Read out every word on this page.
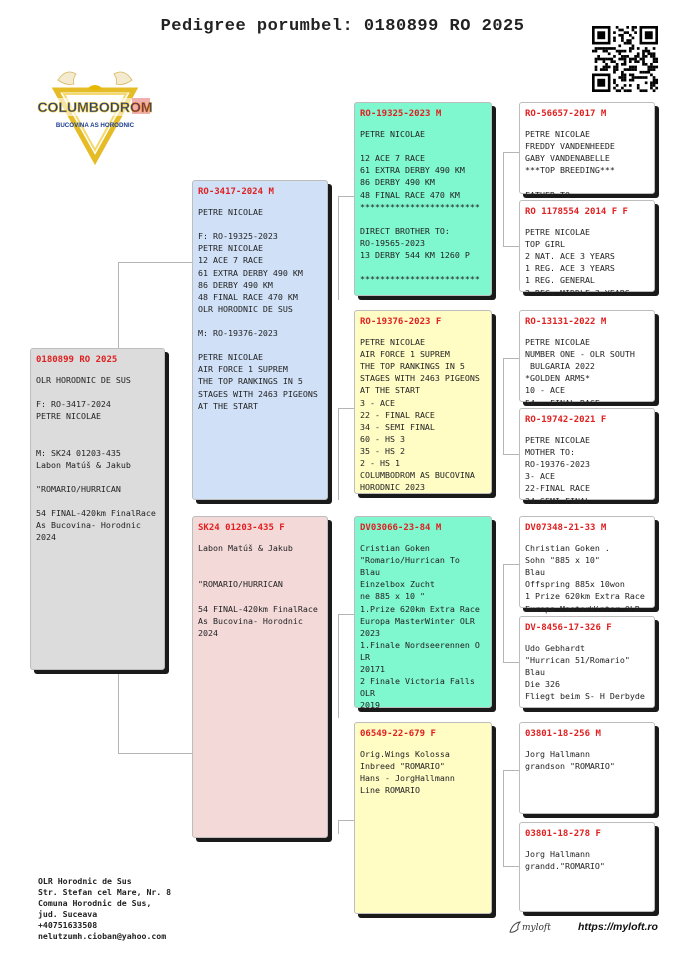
Pedigree porumbel: 0180899 RO 2025
COLUMBODROM
BUCOVINA AS HORODNIC
0180899 RO 2025
OLR HORODNIC DE SUS
F: RO-3417-2024
PETRE NICOLAE
M: SK24 01203-435
Labon Matúš & Jakub
"ROMARIO/HURRICAN
54 FINAL-420km FinalRace
As Bucovina- Horodnic
2024
RO-3417-2024 M
PETRE NICOLAE
F: RO-19325-2023
PETRE NICOLAE
12 ACE 7 RACE
61 EXTRA DERBY 490 KM
86 DERBY 490 KM
48 FINAL RACE 470 KM
OLR HORODNIC DE SUS
M: RO-19376-2023
PETRE NICOLAE
AIR FORCE 1 SUPREM
THE TOP RANKINGS IN 5
STAGES WITH 2463 PIGEONS
AT THE START
SK24 01203-435 F
Labon Matúš & Jakub
"ROMARIO/HURRICAN
54 FINAL-420km FinalRace
As Bucovina- Horodnic
2024
RO-19325-2023 M
PETRE NICOLAE
12 ACE 7 RACE
61 EXTRA DERBY 490 KM
86 DERBY 490 KM
48 FINAL RACE 470 KM
************************
DIRECT BROTHER TO:
RO-19565-2023
13 DERBY 544 KM 1260 P
************************
RO-19376-2023 F
PETRE NICOLAE
AIR FORCE 1 SUPREM
THE TOP RANKINGS IN 5
STAGES WITH 2463 PIGEONS
AT THE START
3 - ACE
22 - FINAL RACE
34 - SEMI FINAL
60 - HS 3
35 - HS 2
2 - HS 1
COLUMBODROM AS BUCOVINA
HORODNIC 2023
DV03066-23-84 M
Cristian Goken
"Romario/Hurrican To
Blau
Einzelbox Zucht
ne 885 x 10 "
1.Prize 620km Extra Race
Europa MasterWinter OLR
2023
1.Finale Nordseerennen O
LR
20171
2 Finale Victoria Falls
OLR
2019
06549-22-679 F
Orig.Wings Kolossa
Inbreed "ROMARIO"
Hans - JorgHallmann
Line ROMARIO
RO-56657-2017 M
PETRE NICOLAE
FREDDY VANDENHEEDE
GABY VANDENABELLE
***TOP BREEDING***
FATHER TO
RO 1178554 2014 F F
PETRE NICOLAE
TOP GIRL
2 NAT. ACE 3 YEARS
1 REG. ACE 3 YEARS
1 REG. GENERAL
2 REG. MIDDLE 3 YEARS
RO-13131-2022 M
PETRE NICOLAE
NUMBER ONE - OLR SOUTH
BULGARIA 2022
*GOLDEN ARMS*
10 - ACE
54 - FINAL RACE
RO-19742-2021 F
PETRE NICOLAE
MOTHER TO:
RO-19376-2023
3- ACE
22-FINAL RACE
34-SEMI FINAL
DV07348-21-33 M
Christian Goken .
Sohn "885 x 10"
Blau
Offspring 885x 10won
1 Prize 620km Extra Race
Europa MasterWinter OLR
DV-8456-17-326 F
Udo Gebhardt
"Hurrican 51/Romario"
Blau
Die 326
Fliegt beim S- H Derbyde
03801-18-256 M
Jorg Hallmann
grandson "ROMARIO"
03801-18-278 F
Jorg Hallmann
grandd."ROMARIO"
OLR Horodnic de Sus
Str. Stefan cel Mare, Nr. 8
Comuna Horodnic de Sus,
jud. Suceava
+40751633508
nelutzumh.cioban@yahoo.com
myloft	https://myloft.ro
